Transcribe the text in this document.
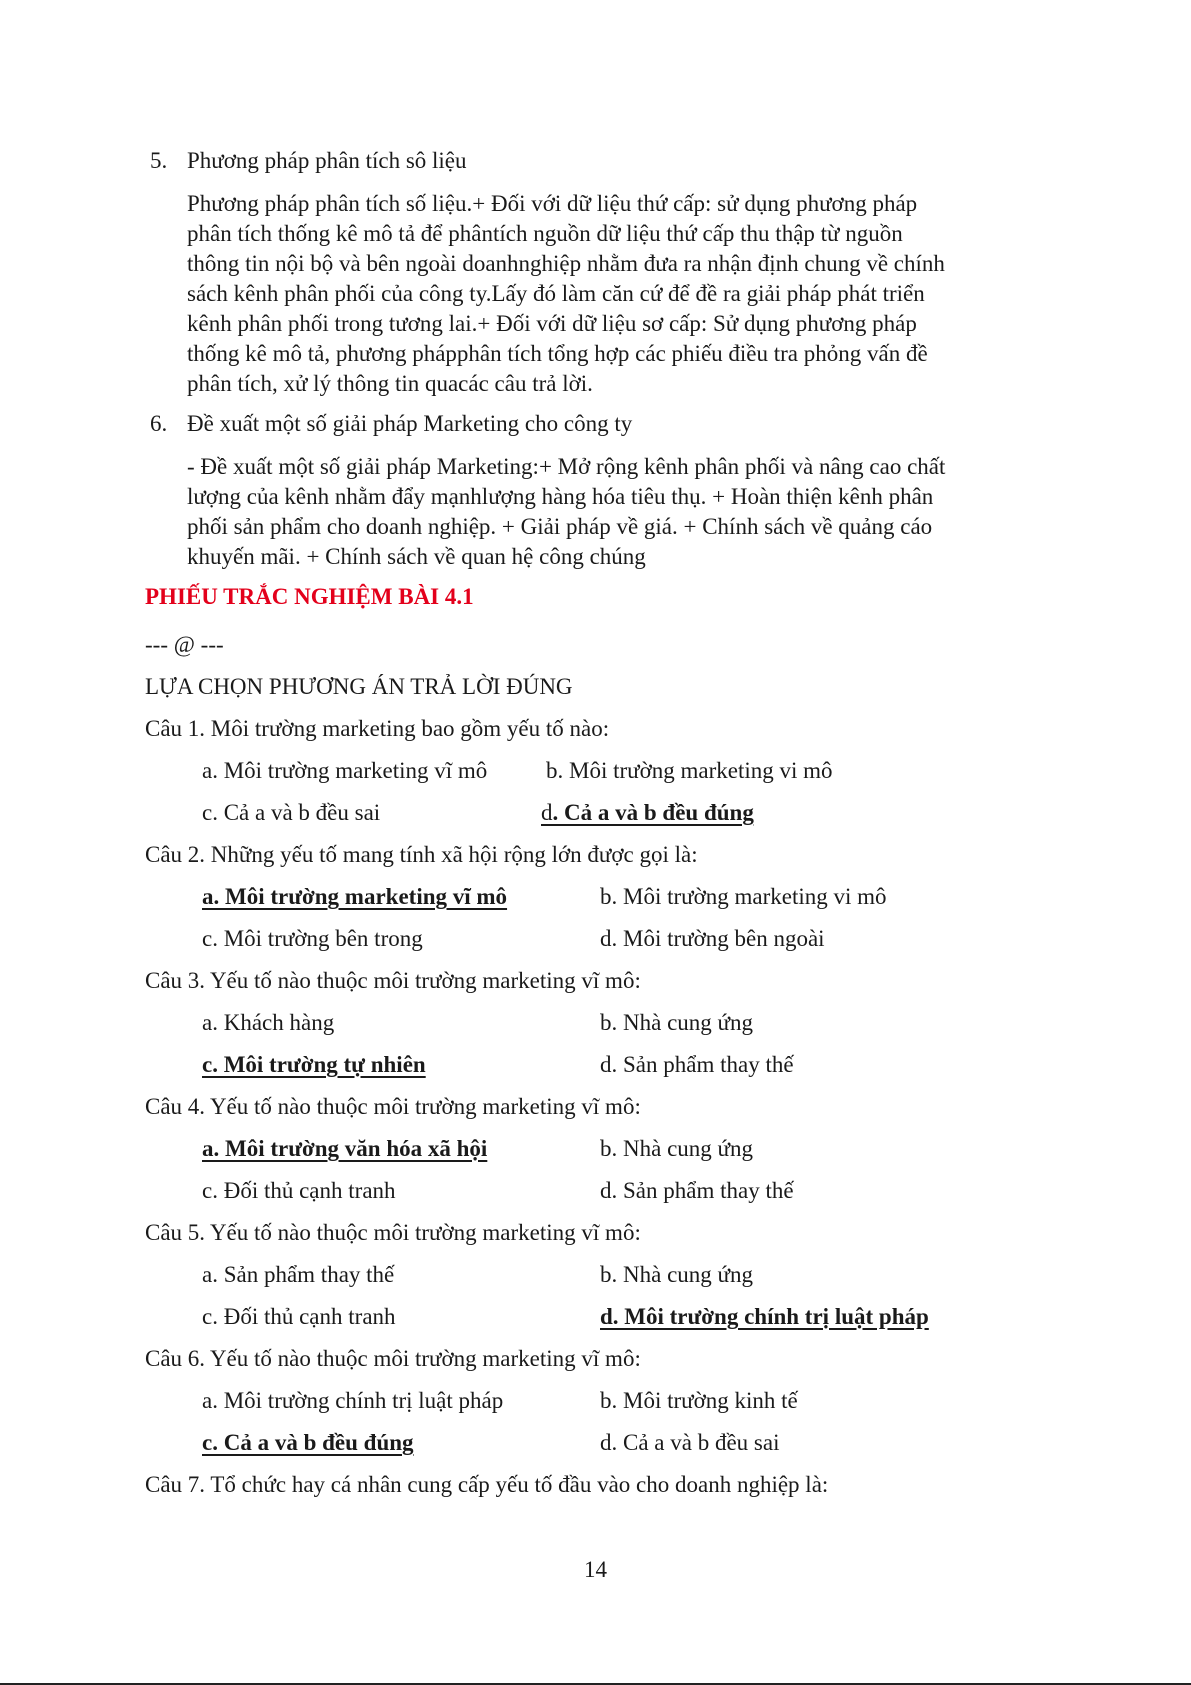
5. Phương pháp phân tích sô liệu
Phương pháp phân tích số liệu.+ Đối với dữ liệu thứ cấp: sử dụng phương pháp
phân tích thống kê mô tả để phântích nguồn dữ liệu thứ cấp thu thập từ nguồn
thông tin nội bộ và bên ngoài doanhnghiệp nhằm đưa ra nhận định chung về chính
sách kênh phân phối của công ty.Lấy đó làm căn cứ để đề ra giải pháp phát triển
kênh phân phối trong tương lai.+ Đối với dữ liệu sơ cấp: Sử dụng phương pháp
thống kê mô tả, phương phápphân tích tổng hợp các phiếu điều tra phỏng vấn đề
phân tích, xử lý thông tin quacác câu trả lời.
6. Đề xuất một số giải pháp Marketing cho công ty
- Đề xuất một số giải pháp Marketing:+ Mở rộng kênh phân phối và nâng cao chất
lượng của kênh nhằm đẩy mạnhlượng hàng hóa tiêu thụ. + Hoàn thiện kênh phân
phối sản phẩm cho doanh nghiệp. + Giải pháp về giá. + Chính sách về quảng cáo
khuyến mãi. + Chính sách về quan hệ công chúng
PHIẾU TRẮC NGHIỆM BÀI 4.1
--- @ ---
LỰA CHỌN PHƯƠNG ÁN TRẢ LỜI ĐÚNG
Câu 1. Môi trường marketing bao gồm yếu tố nào:
a. Môi trường marketing vĩ mô	b. Môi trường marketing vi mô
c. Cả a và b đều sai	d. Cả a và b đều đúng
Câu 2. Những yếu tố mang tính xã hội rộng lớn được gọi là:
a. Môi trường marketing vĩ mô	b. Môi trường marketing vi mô
c. Môi trường bên trong	d. Môi trường bên ngoài
Câu 3. Yếu tố nào thuộc môi trường marketing vĩ mô:
a. Khách hàng	b. Nhà cung ứng
c. Môi trường tự nhiên	d. Sản phẩm thay thế
Câu 4. Yếu tố nào thuộc môi trường marketing vĩ mô:
a. Môi trường văn hóa xã hội	b. Nhà cung ứng
c. Đối thủ cạnh tranh	d. Sản phẩm thay thế
Câu 5. Yếu tố nào thuộc môi trường marketing vĩ mô:
a. Sản phẩm thay thế	b. Nhà cung ứng
c. Đối thủ cạnh tranh	d. Môi trường chính trị luật pháp
Câu 6. Yếu tố nào thuộc môi trường marketing vĩ mô:
a. Môi trường chính trị luật pháp	b. Môi trường kinh tế
c. Cả a và b đều đúng	d. Cả a và b đều sai
Câu 7. Tổ chức hay cá nhân cung cấp yếu tố đầu vào cho doanh nghiệp là:
14
